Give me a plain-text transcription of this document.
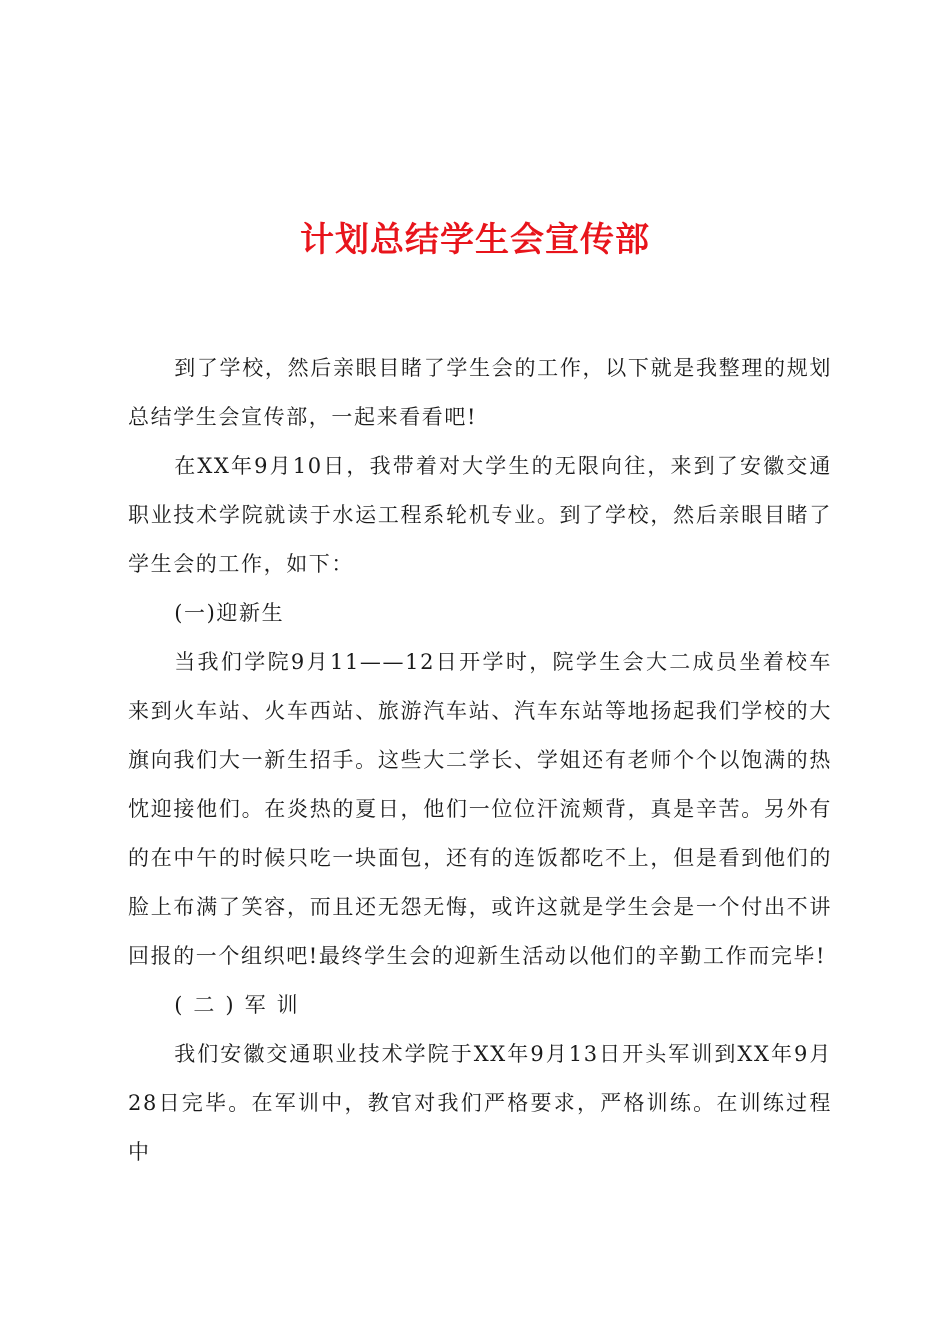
计划总结学生会宣传部

到了学校，然后亲眼目睹了学生会的工作，以下就是我整理的规划总结学生会宣传部，一起来看看吧!

在XX年9月10日，我带着对大学生的无限向往，来到了安徽交通职业技术学院就读于水运工程系轮机专业。到了学校，然后亲眼目睹了学生会的工作，如下：

(一)迎新生

当我们学院9月11——12日开学时，院学生会大二成员坐着校车来到火车站、火车西站、旅游汽车站、汽车东站等地扬起我们学校的大旗向我们大一新生招手。这些大二学长、学姐还有老师个个以饱满的热忱迎接他们。在炎热的夏日，他们一位位汗流颊背，真是辛苦。另外有的在中午的时候只吃一块面包，还有的连饭都吃不上，但是看到他们的脸上布满了笑容，而且还无怨无悔，或许这就是学生会是一个付出不讲回报的一个组织吧!最终学生会的迎新生活动以他们的辛勤工作而完毕!

(二)军训

我们安徽交通职业技术学院于XX年9月13日开头军训到XX年9月28日完毕。在军训中，教官对我们严格要求，严格训练。在训练过程中
